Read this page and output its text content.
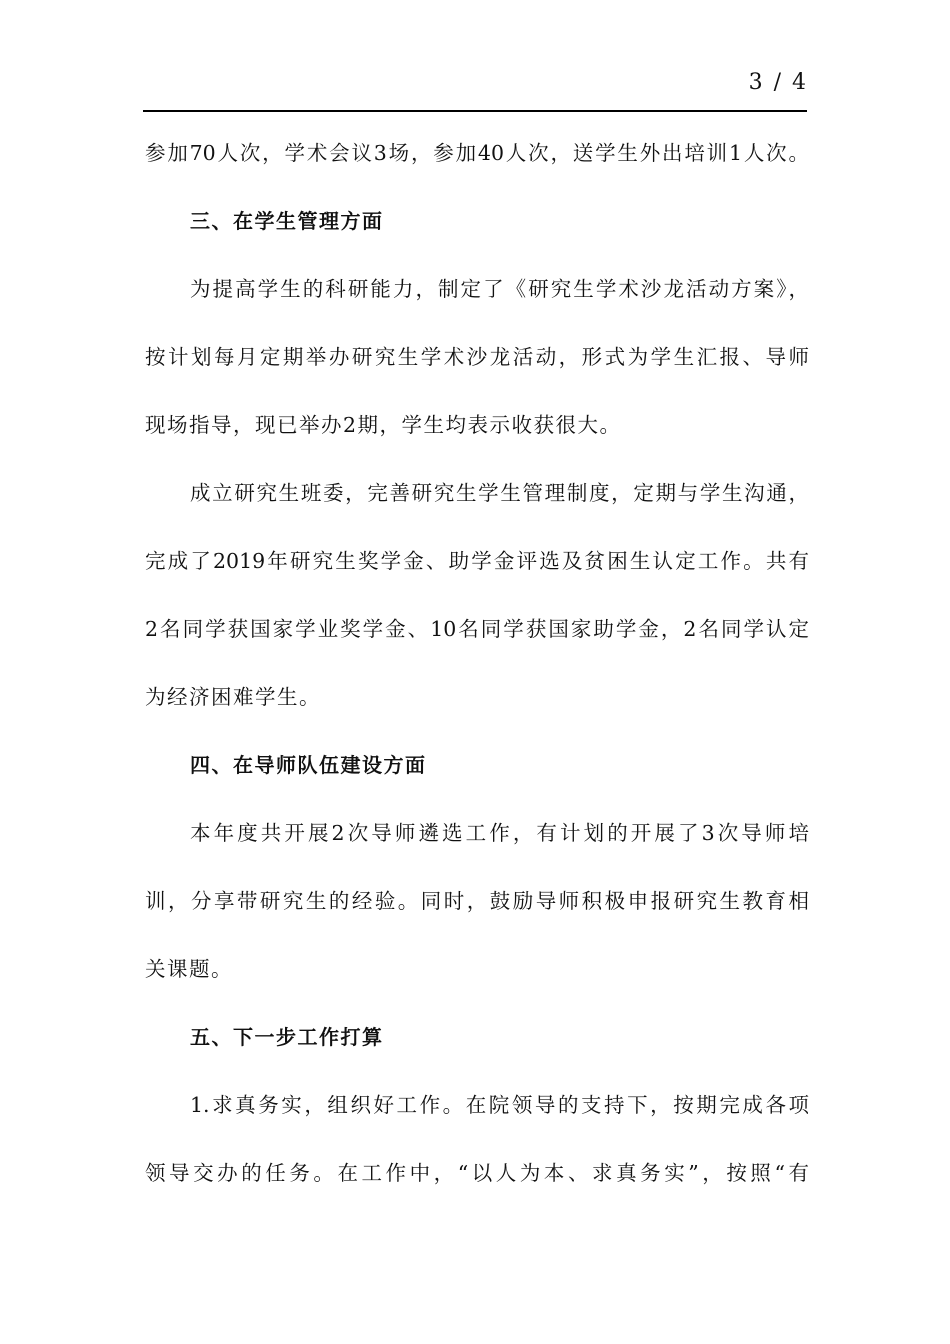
3 / 4
参加70人次，学术会议3场，参加40人次，送学生外出培训1人次。
三、在学生管理方面
为提高学生的科研能力，制定了《研究生学术沙龙活动方案》，
按计划每月定期举办研究生学术沙龙活动，形式为学生汇报、导师
现场指导，现已举办2期，学生均表示收获很大。
成立研究生班委，完善研究生学生管理制度，定期与学生沟通，
完成了2019年研究生奖学金、助学金评选及贫困生认定工作。共有
2名同学获国家学业奖学金、10名同学获国家助学金，2名同学认定
为经济困难学生。
四、在导师队伍建设方面
本年度共开展2次导师遴选工作，有计划的开展了3次导师培
训，分享带研究生的经验。同时，鼓励导师积极申报研究生教育相
关课题。
五、下一步工作打算
1.求真务实，组织好工作。在院领导的支持下，按期完成各项
领导交办的任务。在工作中，“以人为本、求真务实”，按照“有
